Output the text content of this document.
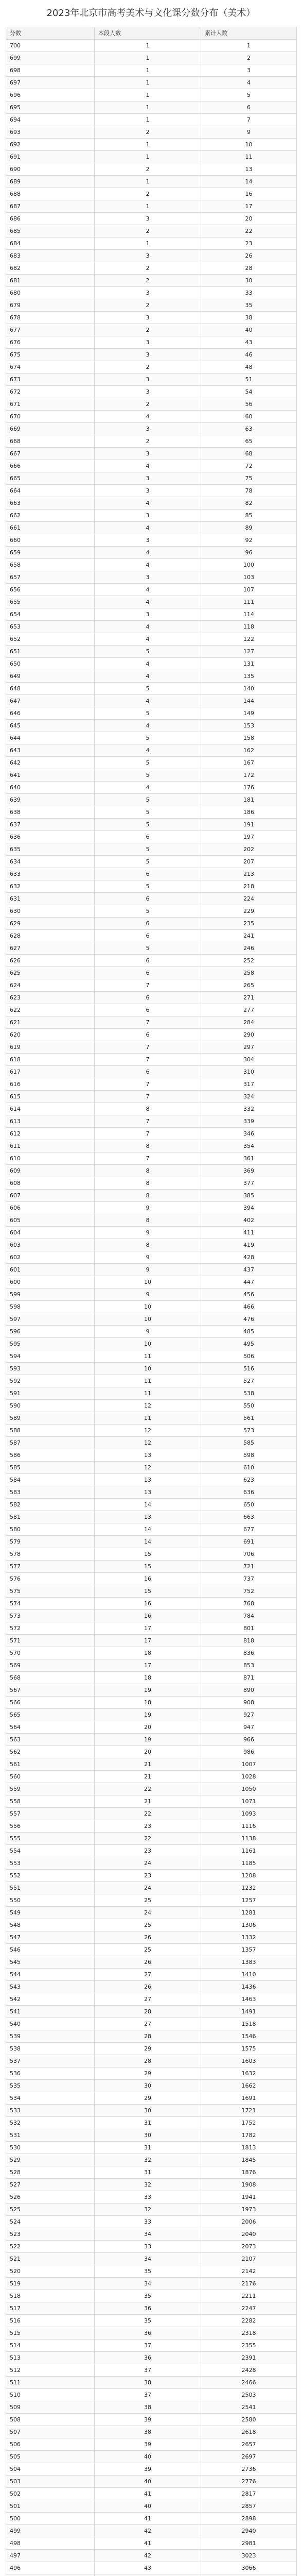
2023年北京市高考美术与文化课分数分布（美术）
分数	本段人数	累计人数
700	1	1
699	1	2
698	1	3
697	1	4
696	1	5
695	1	6
694	1	7
693	2	9
692	1	10
691	1	11
690	2	13
689	1	14
688	2	16
687	1	17
686	3	20
685	2	22
684	1	23
683	3	26
682	2	28
681	2	30
680	3	33
679	2	35
678	3	38
677	2	40
676	3	43
675	3	46
674	2	48
673	3	51
672	3	54
671	2	56
670	4	60
669	3	63
668	2	65
667	3	68
666	4	72
665	3	75
664	3	78
663	4	82
662	3	85
661	4	89
660	3	92
659	4	96
658	4	100
657	3	103
656	4	107
655	4	111
654	3	114
653	4	118
652	4	122
651	5	127
650	4	131
649	4	135
648	5	140
647	4	144
646	5	149
645	4	153
644	5	158
643	4	162
642	5	167
641	5	172
640	4	176
639	5	181
638	5	186
637	5	191
636	6	197
635	5	202
634	5	207
633	6	213
632	5	218
631	6	224
630	5	229
629	6	235
628	6	241
627	5	246
626	6	252
625	6	258
624	7	265
623	6	271
622	6	277
621	7	284
620	6	290
619	7	297
618	7	304
617	6	310
616	7	317
615	7	324
614	8	332
613	7	339
612	7	346
611	8	354
610	7	361
609	8	369
608	8	377
607	8	385
606	9	394
605	8	402
604	9	411
603	8	419
602	9	428
601	9	437
600	10	447
599	9	456
598	10	466
597	10	476
596	9	485
595	10	495
594	11	506
593	10	516
592	11	527
591	11	538
590	12	550
589	11	561
588	12	573
587	12	585
586	13	598
585	12	610
584	13	623
583	13	636
582	14	650
581	13	663
580	14	677
579	14	691
578	15	706
577	15	721
576	16	737
575	15	752
574	16	768
573	16	784
572	17	801
571	17	818
570	18	836
569	17	853
568	18	871
567	19	890
566	18	908
565	19	927
564	20	947
563	19	966
562	20	986
561	21	1007
560	21	1028
559	22	1050
558	21	1071
557	22	1093
556	23	1116
555	22	1138
554	23	1161
553	24	1185
552	23	1208
551	24	1232
550	25	1257
549	24	1281
548	25	1306
547	26	1332
546	25	1357
545	26	1383
544	27	1410
543	26	1436
542	27	1463
541	28	1491
540	27	1518
539	28	1546
538	29	1575
537	28	1603
536	29	1632
535	30	1662
534	29	1691
533	30	1721
532	31	1752
531	30	1782
530	31	1813
529	32	1845
528	31	1876
527	32	1908
526	33	1941
525	32	1973
524	33	2006
523	34	2040
522	33	2073
521	34	2107
520	35	2142
519	34	2176
518	35	2211
517	36	2247
516	35	2282
515	36	2318
514	37	2355
513	36	2391
512	37	2428
511	38	2466
510	37	2503
509	38	2541
508	39	2580
507	38	2618
506	39	2657
505	40	2697
504	39	2736
503	40	2776
502	41	2817
501	40	2857
500	41	2898
499	42	2940
498	41	2981
497	42	3023
496	43	3066
